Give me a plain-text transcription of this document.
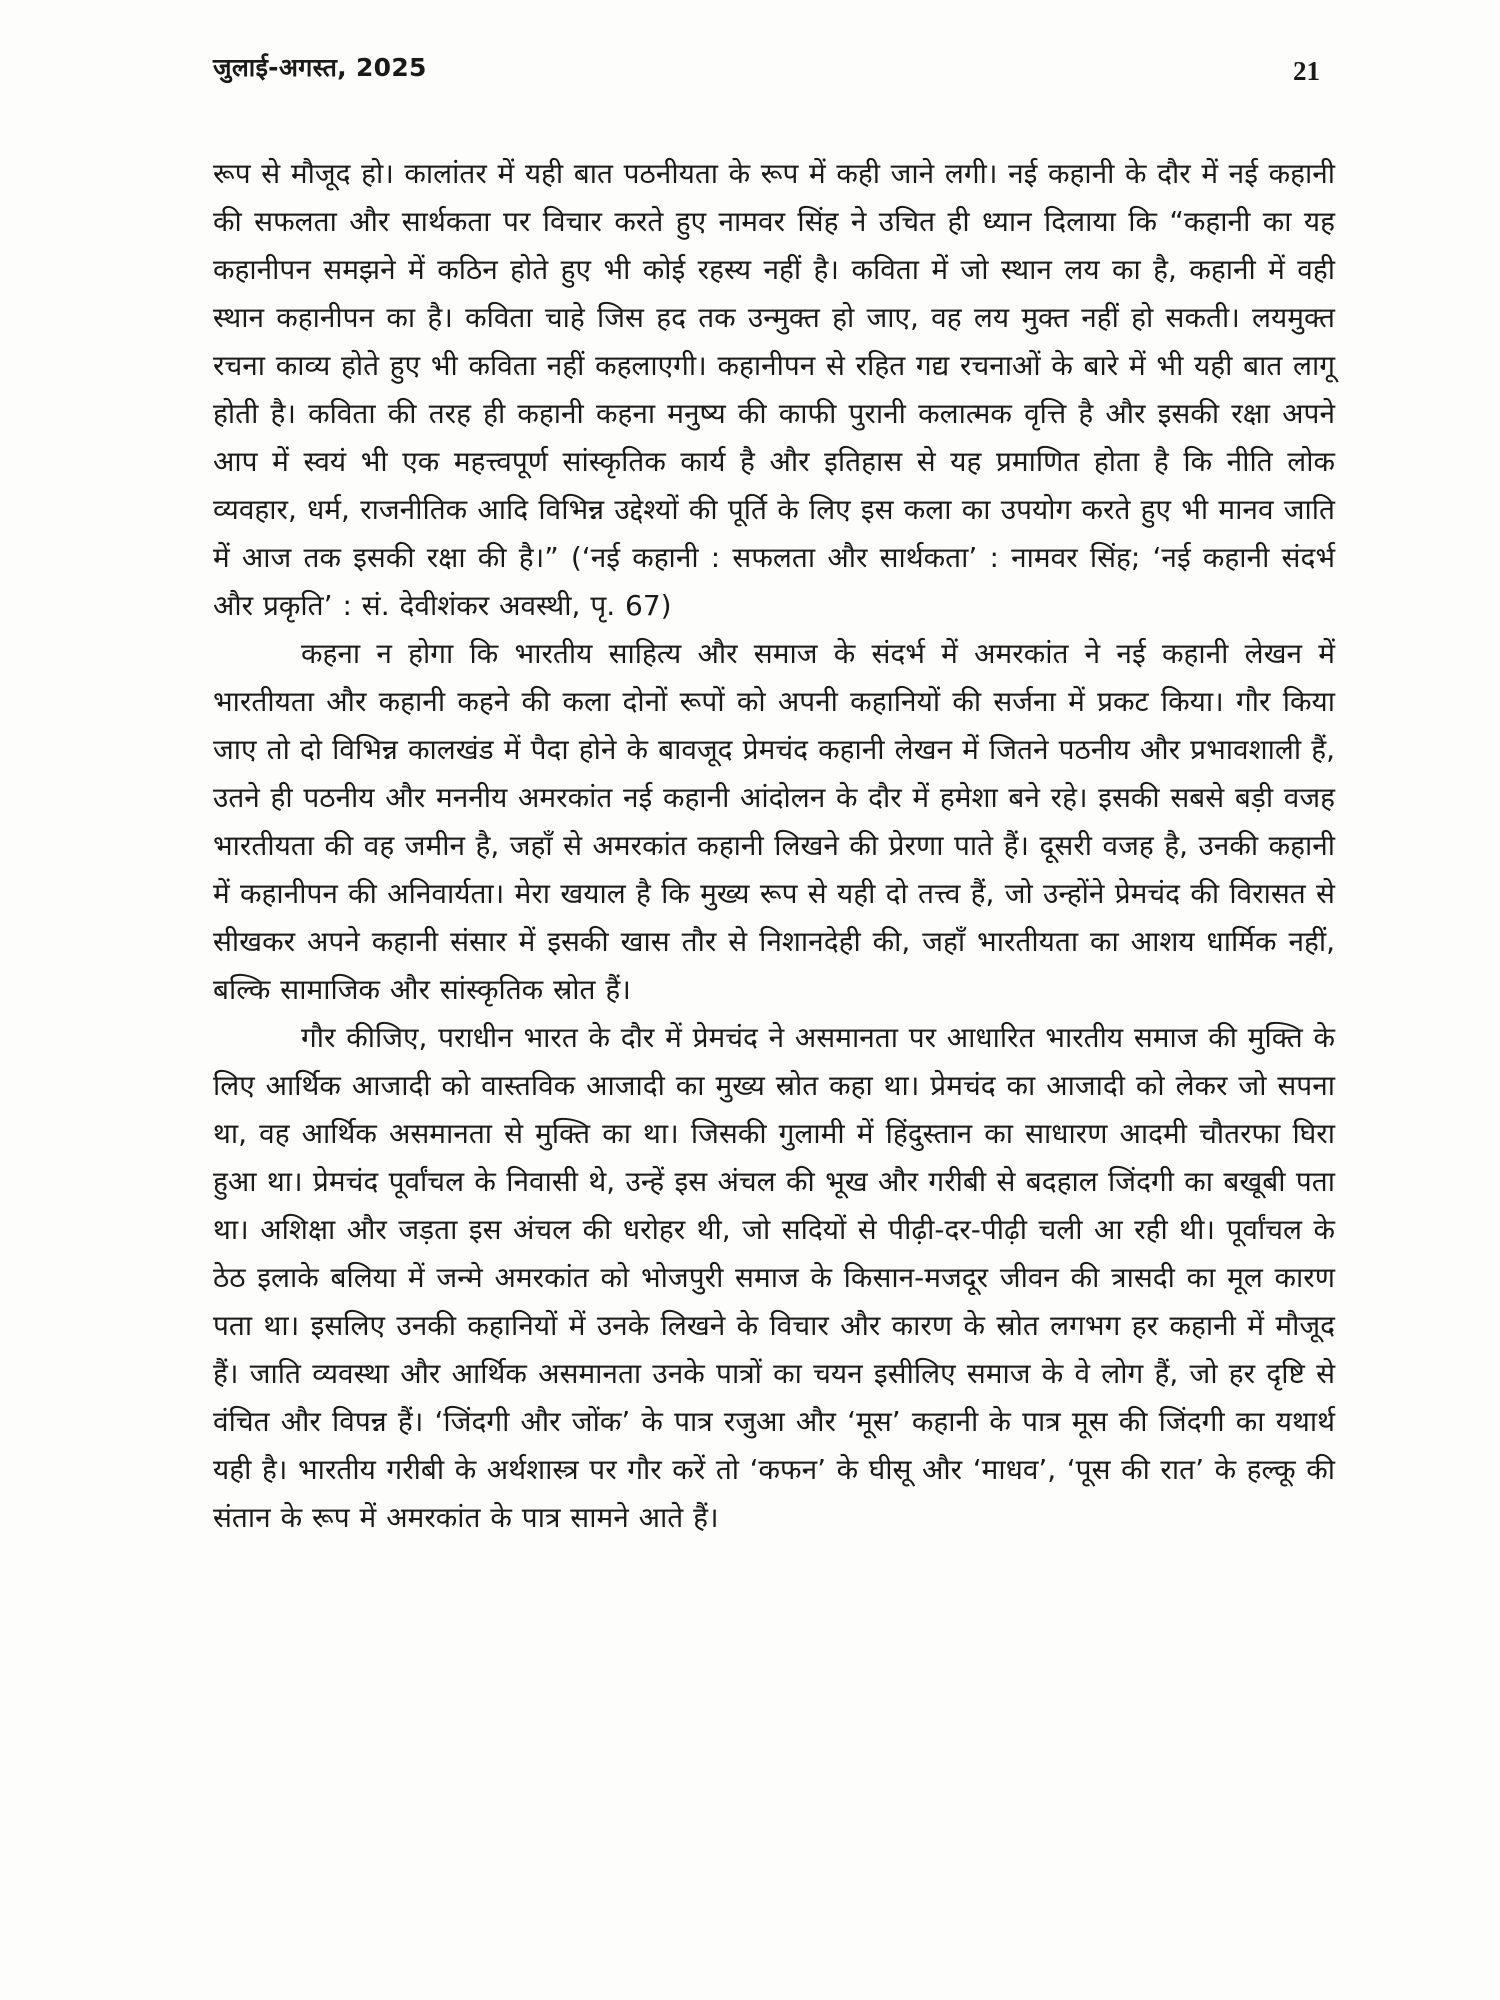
जुलाई-अगस्त, 2025	21

रूप से मौजूद हो। कालांतर में यही बात पठनीयता के रूप में कही जाने लगी। नई कहानी के दौर में नई कहानी की सफलता और सार्थकता पर विचार करते हुए नामवर सिंह ने उचित ही ध्यान दिलाया कि “कहानी का यह कहानीपन समझने में कठिन होते हुए भी कोई रहस्य नहीं है। कविता में जो स्थान लय का है, कहानी में वही स्थान कहानीपन का है। कविता चाहे जिस हद तक उन्मुक्त हो जाए, वह लय मुक्त नहीं हो सकती। लयमुक्त रचना काव्य होते हुए भी कविता नहीं कहलाएगी। कहानीपन से रहित गद्य रचनाओं के बारे में भी यही बात लागू होती है। कविता की तरह ही कहानी कहना मनुष्य की काफी पुरानी कलात्मक वृत्ति है और इसकी रक्षा अपने आप में स्वयं भी एक महत्त्वपूर्ण सांस्कृतिक कार्य है और इतिहास से यह प्रमाणित होता है कि नीति लोक व्यवहार, धर्म, राजनीतिक आदि विभिन्न उद्देश्यों की पूर्ति के लिए इस कला का उपयोग करते हुए भी मानव जाति में आज तक इसकी रक्षा की है।” (‘नई कहानी : सफलता और सार्थकता’ : नामवर सिंह; ‘नई कहानी संदर्भ और प्रकृति’ : सं. देवीशंकर अवस्थी, पृ. 67)

कहना न होगा कि भारतीय साहित्य और समाज के संदर्भ में अमरकांत ने नई कहानी लेखन में भारतीयता और कहानी कहने की कला दोनों रूपों को अपनी कहानियों की सर्जना में प्रकट किया। गौर किया जाए तो दो विभिन्न कालखंड में पैदा होने के बावजूद प्रेमचंद कहानी लेखन में जितने पठनीय और प्रभावशाली हैं, उतने ही पठनीय और मननीय अमरकांत नई कहानी आंदोलन के दौर में हमेशा बने रहे। इसकी सबसे बड़ी वजह भारतीयता की वह जमीन है, जहाँ से अमरकांत कहानी लिखने की प्रेरणा पाते हैं। दूसरी वजह है, उनकी कहानी में कहानीपन की अनिवार्यता। मेरा खयाल है कि मुख्य रूप से यही दो तत्त्व हैं, जो उन्होंने प्रेमचंद की विरासत से सीखकर अपने कहानी संसार में इसकी खास तौर से निशानदेही की, जहाँ भारतीयता का आशय धार्मिक नहीं, बल्कि सामाजिक और सांस्कृतिक स्रोत हैं।

गौर कीजिए, पराधीन भारत के दौर में प्रेमचंद ने असमानता पर आधारित भारतीय समाज की मुक्ति के लिए आर्थिक आजादी को वास्तविक आजादी का मुख्य स्रोत कहा था। प्रेमचंद का आजादी को लेकर जो सपना था, वह आर्थिक असमानता से मुक्ति का था। जिसकी गुलामी में हिंदुस्तान का साधारण आदमी चौतरफा घिरा हुआ था। प्रेमचंद पूर्वांचल के निवासी थे, उन्हें इस अंचल की भूख और गरीबी से बदहाल जिंदगी का बखूबी पता था। अशिक्षा और जड़ता इस अंचल की धरोहर थी, जो सदियों से पीढ़ी-दर-पीढ़ी चली आ रही थी। पूर्वांचल के ठेठ इलाके बलिया में जन्मे अमरकांत को भोजपुरी समाज के किसान-मजदूर जीवन की त्रासदी का मूल कारण पता था। इसलिए उनकी कहानियों में उनके लिखने के विचार और कारण के स्रोत लगभग हर कहानी में मौजूद हैं। जाति व्यवस्था और आर्थिक असमानता उनके पात्रों का चयन इसीलिए समाज के वे लोग हैं, जो हर दृष्टि से वंचित और विपन्न हैं। ‘जिंदगी और जोंक’ के पात्र रजुआ और ‘मूस’ कहानी के पात्र मूस की जिंदगी का यथार्थ यही है। भारतीय गरीबी के अर्थशास्त्र पर गौर करें तो ‘कफन’ के घीसू और ‘माधव’, ‘पूस की रात’ के हल्कू की संतान के रूप में अमरकांत के पात्र सामने आते हैं।
